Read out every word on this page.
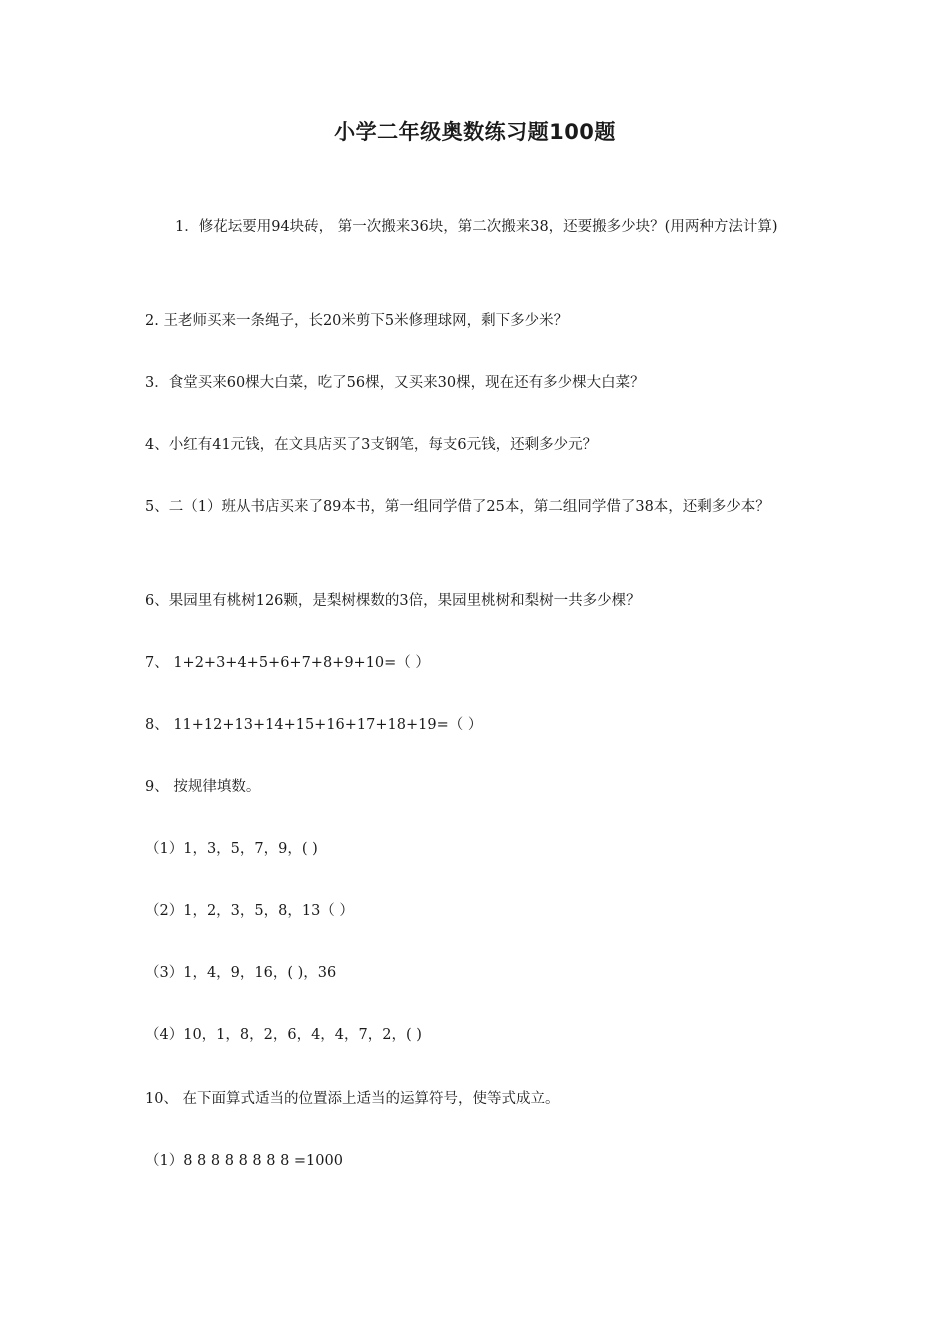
小学二年级奥数练习题100题
1．修花坛要用94块砖， 第一次搬来36块，第二次搬来38，还要搬多少块？(用两种方法计算)
2. 王老师买来一条绳子，长20米剪下5米修理球网，剩下多少米？
3．食堂买来60棵大白菜，吃了56棵，又买来30棵，现在还有多少棵大白菜？
4、小红有41元钱，在文具店买了3支钢笔，每支6元钱，还剩多少元？
5、二（1）班从书店买来了89本书，第一组同学借了25本，第二组同学借了38本，还剩多少本？
6、果园里有桃树126颗，是梨树棵数的3倍，果园里桃树和梨树一共多少棵？
7、 1+2+3+4+5+6+7+8+9+10=（ ）
8、 11+12+13+14+15+16+17+18+19=（ ）
9、 按规律填数。
（1）1，3，5，7，9，( )
（2）1，2，3，5，8，13（ ）
（3）1，4，9，16，( )，36
（4）10，1，8，2，6，4，4，7，2，( )
10、 在下面算式适当的位置添上适当的运算符号，使等式成立。
（1）8 8 8 8 8 8 8 8 =1000
